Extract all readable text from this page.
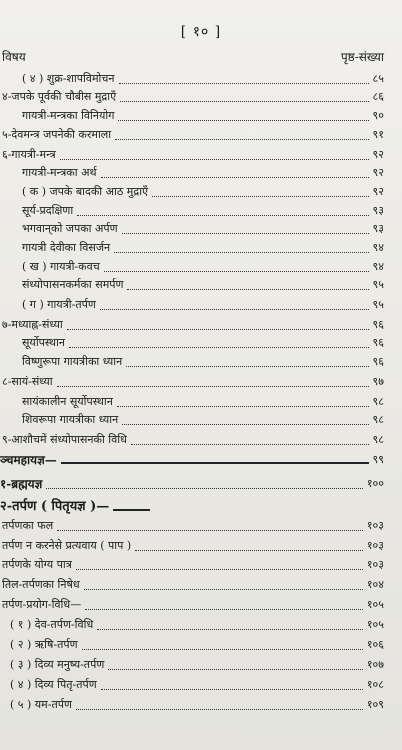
[ १० ]
विषय	पृष्ठ-संख्या
( ४ ) शुक्र-शापविमोचन	८५
४-जपके पूर्वकी चौबीस मुद्राएँ	८६
गायत्री-मन्त्रका विनियोग	९०
५-देवमन्त्र जपनेकी करमाला	९१
६-गायत्री-मन्त्र	९२
गायत्री-मन्त्रका अर्थ	९२
( क ) जपके बादकी आठ मुद्राएँ	९२
सूर्य-प्रदक्षिणा	९३
भगवान्‌को जपका अर्पण	९३
गायत्री देवीका विसर्जन	९४
( ख ) गायत्री-कवच	९४
संध्योपासनकर्मका समर्पण	९५
( ग ) गायत्री-तर्पण	९५
७-मध्याह्न-संध्या	९६
सूर्योपस्थान	९६
विष्णुरूपा गायत्रीका ध्यान	९६
८-सायं-संध्या	९७
सायंकालीन सूर्योपस्थान	९८
शिवरूपा गायत्रीका ध्यान	९८
९-आशौचमें संध्योपासनकी विधि	९८
ञ्चमहायज्ञ—	९९
१-ब्रह्मयज्ञ	१००
२-तर्पण ( पितृयज्ञ )—
तर्पणका फल	१०३
तर्पण न करनेसे प्रत्यवाय ( पाप )	१०३
तर्पणके योग्य पात्र	१०३
तिल-तर्पणका निषेध	१०४
तर्पण-प्रयोग-विधि—	१०५
( १ ) देव-तर्पण-विधि	१०५
( २ ) ऋषि-तर्पण	१०६
( ३ ) दिव्य मनुष्य-तर्पण	१०७
( ४ ) दिव्य पितृ-तर्पण	१०८
( ५ ) यम-तर्पण	१०९
